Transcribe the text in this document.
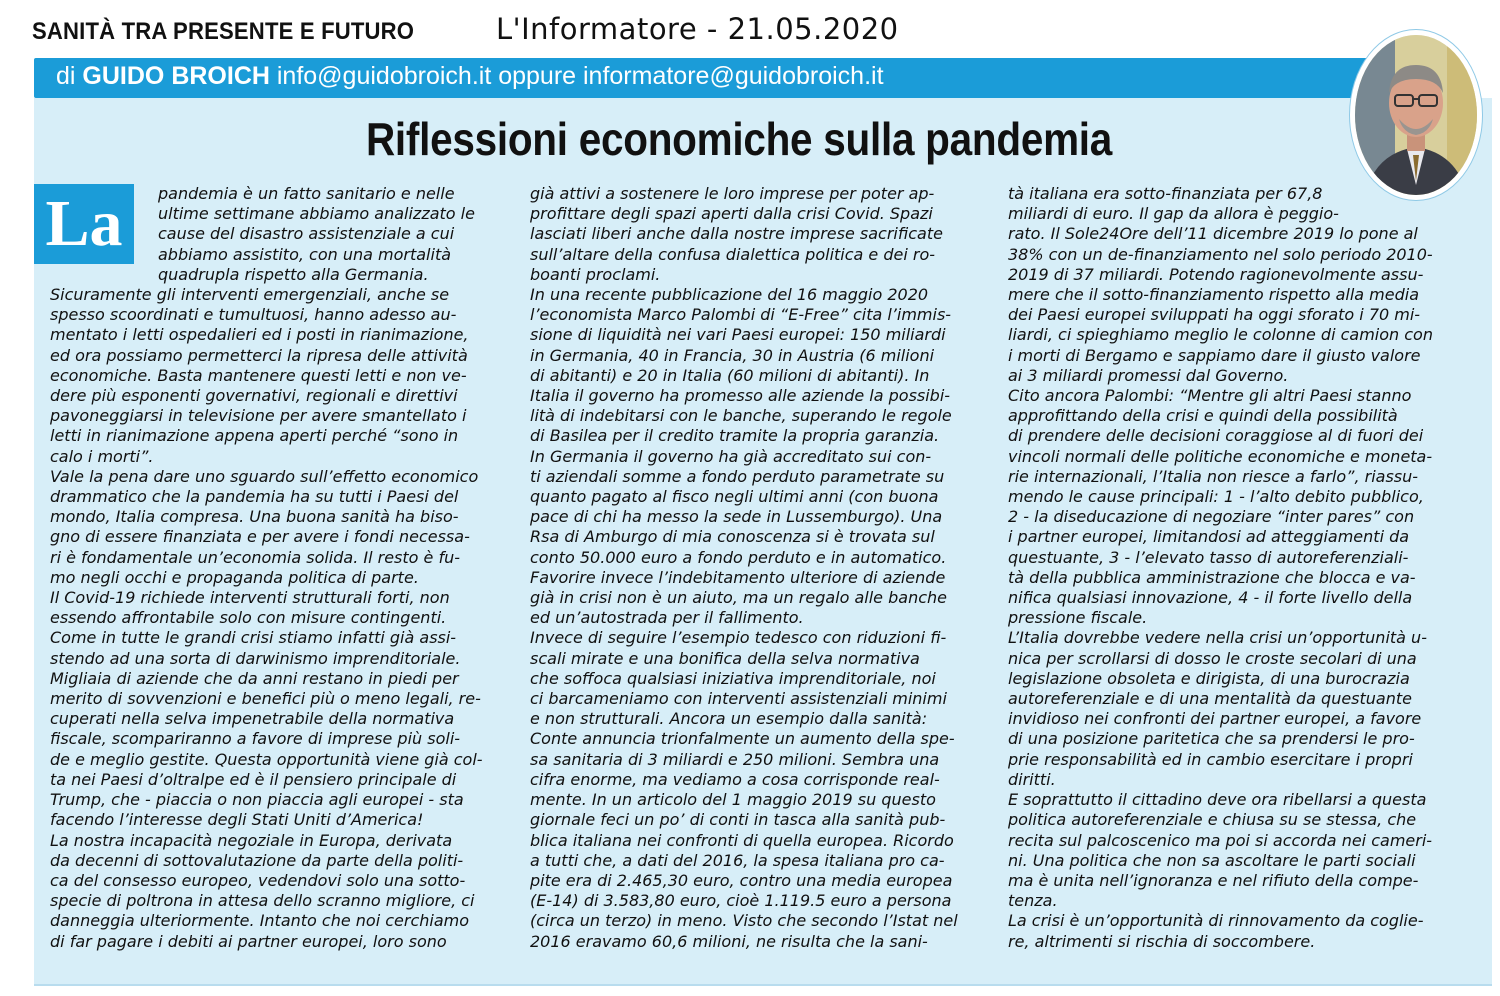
SANITÀ TRA PRESENTE E FUTURO	L'Informatore - 21.05.2020
di GUIDO BROICH info@guidobroich.it oppure informatore@guidobroich.it
Riflessioni economiche sulla pandemia
La	pandemia è un fatto sanitario e nelle

ultime settimane abbiamo analizzato le

cause del disastro assistenziale a cui

abbiamo assistito, con una mortalità

quadrupla rispetto alla Germania.

Sicuramente gli interventi emergenziali, anche se

spesso scoordinati e tumultuosi, hanno adesso au-

mentato i letti ospedalieri ed i posti in rianimazione,

ed ora possiamo permetterci la ripresa delle attività

economiche. Basta mantenere questi letti e non ve-

dere più esponenti governativi, regionali e direttivi

pavoneggiarsi in televisione per avere smantellato i

letti in rianimazione appena aperti perché “sono in

calo i morti”.

Vale la pena dare uno sguardo sull’effetto economico

drammatico che la pandemia ha su tutti i Paesi del

mondo, Italia compresa. Una buona sanità ha biso-

gno di essere finanziata e per avere i fondi necessa-

ri è fondamentale un’economia solida. Il resto è fu-

mo negli occhi e propaganda politica di parte.

Il Covid-19 richiede interventi strutturali forti, non

essendo affrontabile solo con misure contingenti.

Come in tutte le grandi crisi stiamo infatti già assi-

stendo ad una sorta di darwinismo imprenditoriale.

Migliaia di aziende che da anni restano in piedi per

merito di sovvenzioni e benefici più o meno legali, re-

cuperati nella selva impenetrabile della normativa

fiscale, scompariranno a favore di imprese più soli-

de e meglio gestite. Questa opportunità viene già col-

ta nei Paesi d’oltralpe ed è il pensiero principale di

Trump, che - piaccia o non piaccia agli europei - sta

facendo l’interesse degli Stati Uniti d’America!

La nostra incapacità negoziale in Europa, derivata

da decenni di sottovalutazione da parte della politi-

ca del consesso europeo, vedendovi solo una sotto-

specie di poltrona in attesa dello scranno migliore, ci

danneggia ulteriormente. Intanto che noi cerchiamo

di far pagare i debiti ai partner europei, loro sono

già attivi a sostenere le loro imprese per poter ap-

profittare degli spazi aperti dalla crisi Covid. Spazi

lasciati liberi anche dalla nostre imprese sacrificate

sull’altare della confusa dialettica politica e dei ro-

boanti proclami.

In una recente pubblicazione del 16 maggio 2020

l’economista Marco Palombi di “E-Free” cita l’immis-

sione di liquidità nei vari Paesi europei: 150 miliardi

in Germania, 40 in Francia, 30 in Austria (6 milioni

di abitanti) e 20 in Italia (60 milioni di abitanti). In

Italia il governo ha promesso alle aziende la possibi-

lità di indebitarsi con le banche, superando le regole

di Basilea per il credito tramite la propria garanzia.

In Germania il governo ha già accreditato sui con-

ti aziendali somme a fondo perduto parametrate su

quanto pagato al fisco negli ultimi anni (con buona

pace di chi ha messo la sede in Lussemburgo). Una

Rsa di Amburgo di mia conoscenza si è trovata sul

conto 50.000 euro a fondo perduto e in automatico.

Favorire invece l’indebitamento ulteriore di aziende

già in crisi non è un aiuto, ma un regalo alle banche

ed un’autostrada per il fallimento.

Invece di seguire l’esempio tedesco con riduzioni fi-

scali mirate e una bonifica della selva normativa

che soffoca qualsiasi iniziativa imprenditoriale, noi

ci barcameniamo con interventi assistenziali minimi

e non strutturali. Ancora un esempio dalla sanità:

Conte annuncia trionfalmente un aumento della spe-

sa sanitaria di 3 miliardi e 250 milioni. Sembra una

cifra enorme, ma vediamo a cosa corrisponde real-

mente. In un articolo del 1 maggio 2019 su questo

giornale feci un po’ di conti in tasca alla sanità pub-

blica italiana nei confronti di quella europea. Ricordo

a tutti che, a dati del 2016, la spesa italiana pro ca-

pite era di 2.465,30 euro, contro una media europea

(E-14) di 3.583,80 euro, cioè 1.119.5 euro a persona

(circa un terzo) in meno. Visto che secondo l’Istat nel

2016 eravamo 60,6 milioni, ne risulta che la sani-

tà italiana era sotto-finanziata per 67,8

miliardi di euro. Il gap da allora è peggio-

rato. Il Sole24Ore dell’11 dicembre 2019 lo pone al

38% con un de-finanziamento nel solo periodo 2010-

2019 di 37 miliardi. Potendo ragionevolmente assu-

mere che il sotto-finanziamento rispetto alla media

dei Paesi europei sviluppati ha oggi sforato i 70 mi-

liardi, ci spieghiamo meglio le colonne di camion con

i morti di Bergamo e sappiamo dare il giusto valore

ai 3 miliardi promessi dal Governo.

Cito ancora Palombi: “Mentre gli altri Paesi stanno

approfittando della crisi e quindi della possibilità

di prendere delle decisioni coraggiose al di fuori dei

vincoli normali delle politiche economiche e moneta-

rie internazionali, l’Italia non riesce a farlo”, riassu-

mendo le cause principali: 1 - l’alto debito pubblico,

2 - la diseducazione di negoziare “inter pares” con

i partner europei, limitandosi ad atteggiamenti da

questuante, 3 - l’elevato tasso di autoreferenziali-

tà della pubblica amministrazione che blocca e va-

nifica qualsiasi innovazione, 4 - il forte livello della

pressione fiscale.

L’Italia dovrebbe vedere nella crisi un’opportunità u-

nica per scrollarsi di dosso le croste secolari di una

legislazione obsoleta e dirigista, di una burocrazia

autoreferenziale e di una mentalità da questuante

invidioso nei confronti dei partner europei, a favore

di una posizione paritetica che sa prendersi le pro-

prie responsabilità ed in cambio esercitare i propri

diritti.

E soprattutto il cittadino deve ora ribellarsi a questa

politica autoreferenziale e chiusa su se stessa, che

recita sul palcoscenico ma poi si accorda nei cameri-

ni. Una politica che non sa ascoltare le parti sociali

ma è unita nell’ignoranza e nel rifiuto della compe-

tenza.

La crisi è un’opportunità di rinnovamento da coglie-

re, altrimenti si rischia di soccombere.
